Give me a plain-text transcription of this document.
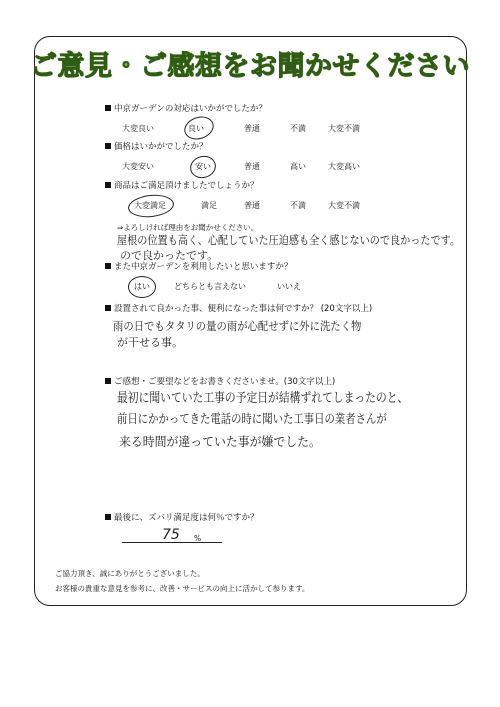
ご意見・ご感想をお聞かせください
中京ガーデンの対応はいかがでしたか？
大変良い	良い	普通	不満	大変不満
価格はいかがでしたか？
大変安い	安い	普通	高い	大変高い
商品はご満足頂けましたでしょうか？
大変満足	満足	普通	不満	大変不満
⇒よろしければ理由をお聞かせください。
屋根の位置も高く、心配していた圧迫感も全く感じないので良かったです。
ので良かったです。
また中京ガーデンを利用したいと思いますか？
はい	どちらとも言えない	いいえ
設置されて良かった事、便利になった事は何ですか？ (20文字以上)
雨の日でもタタリの量の雨が心配せずに外に洗たく物
が干せる事。
ご感想・ご要望などをお書きくださいませ。(30文字以上)
最初に聞いていた工事の予定日が結構ずれてしまったのと、
前日にかかってきた電話の時に聞いた工事日の業者さんが
来る時間が違っていた事が嫌でした。
最後に、ズバリ満足度は何％ですか？
75 %
ご協力頂き、誠にありがとうございました。
お客様の貴重な意見を参考に、改善・サービスの向上に活かして参ります。
